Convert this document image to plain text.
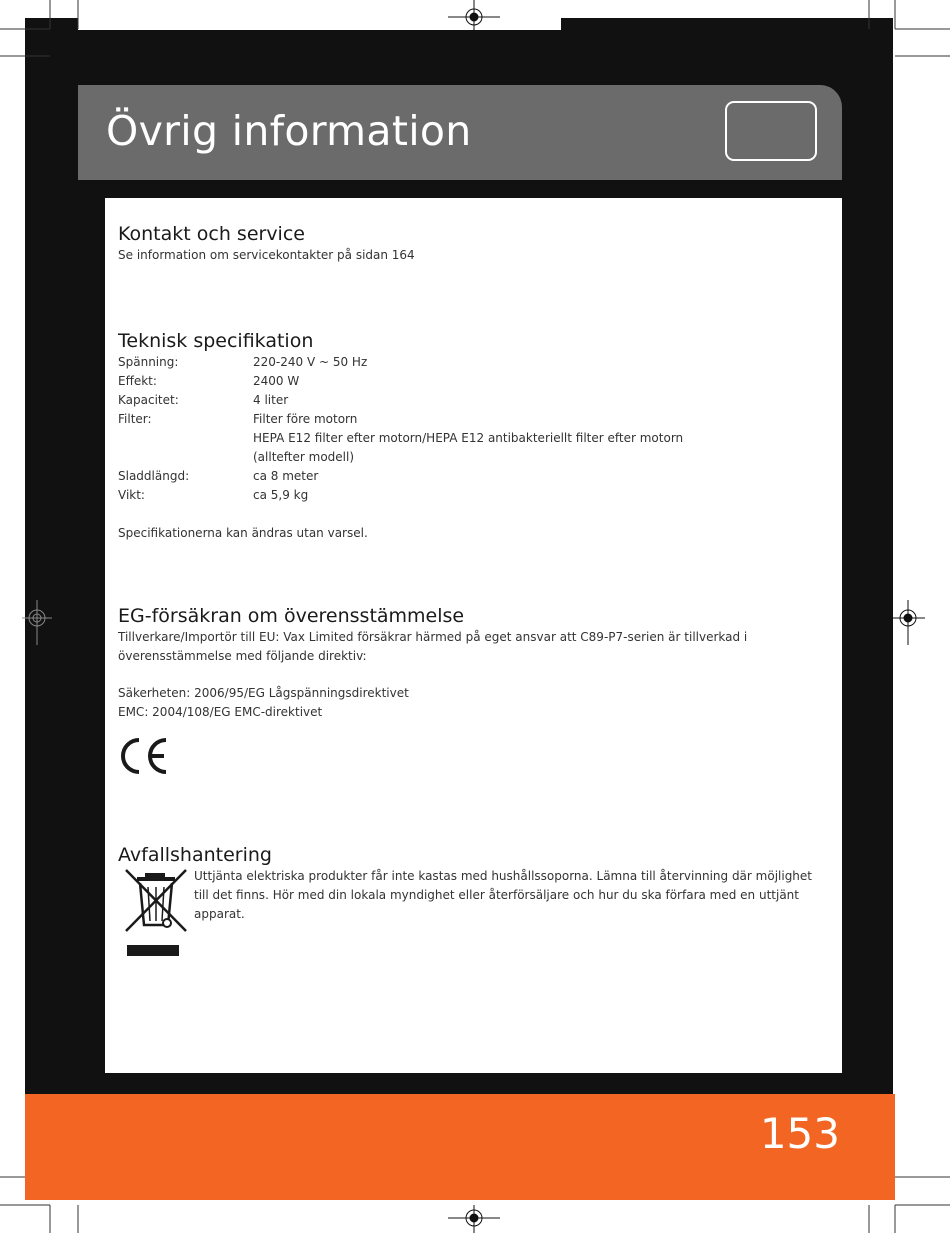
Övrig information
Kontakt och service

Se information om servicekontakter på sidan 164

Teknisk specifikation
Spänning:	220-240 V ~ 50 Hz
Effekt:	2400 W
Kapacitet:	4 liter
Filter:	Filter före motorn
	HEPA E12 filter efter motorn/HEPA E12 antibakteriellt filter efter motorn
	(alltefter modell)
Sladdlängd:	ca 8 meter
Vikt:	ca 5,9 kg

Specifikationerna kan ändras utan varsel.

EG-försäkran om överensstämmelse

Tillverkare/Importör till EU: Vax Limited försäkrar härmed på eget ansvar att C89-P7-serien är tillverkad i överensstämmelse med följande direktiv:

Säkerheten: 2006/95/EG Lågspänningsdirektivet

EMC: 2004/108/EG EMC-direktivet

Avfallshantering

Uttjänta elektriska produkter får inte kastas med hushållssoporna. Lämna till återvinning där möjlighet till det finns. Hör med din lokala myndighet eller återförsäljare och hur du ska förfara med en uttjänt apparat.

153
